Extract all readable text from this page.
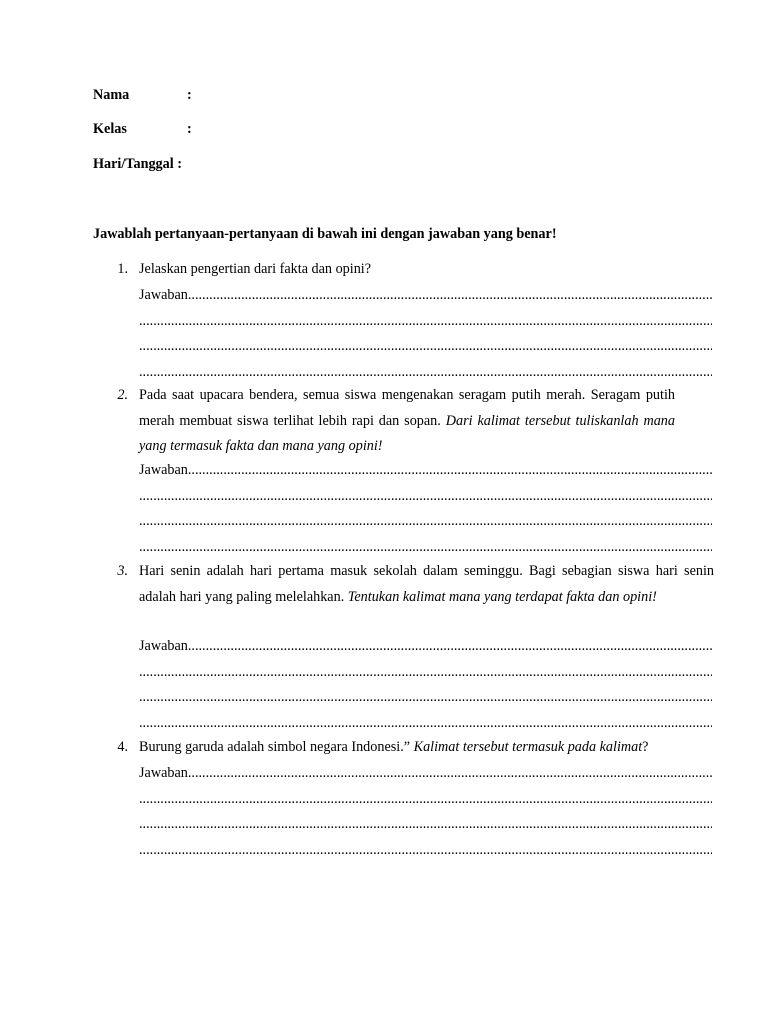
Nama	:
Kelas	:
Hari/Tanggal :
Jawablah pertanyaan-pertanyaan di bawah ini dengan jawaban yang benar!
1. Jelaskan pengertian dari fakta dan opini?
Jawaban .....
.....
.....
.....
2. Pada saat upacara bendera, semua siswa mengenakan seragam putih merah. Seragam putih merah membuat siswa terlihat lebih rapi dan sopan. Dari kalimat tersebut tuliskanlah mana yang termasuk fakta dan mana yang opini!
Jawaban .....
.....
.....
.....
3. Hari senin adalah hari pertama masuk sekolah dalam seminggu. Bagi sebagian siswa hari senin adalah hari yang paling melelahkan. Tentukan kalimat mana yang terdapat fakta dan opini!
Jawaban .....
.....
.....
.....
4. Burung garuda adalah simbol negara Indonesi.” Kalimat tersebut termasuk pada kalimat?
Jawaban .....
.....
.....
.....
